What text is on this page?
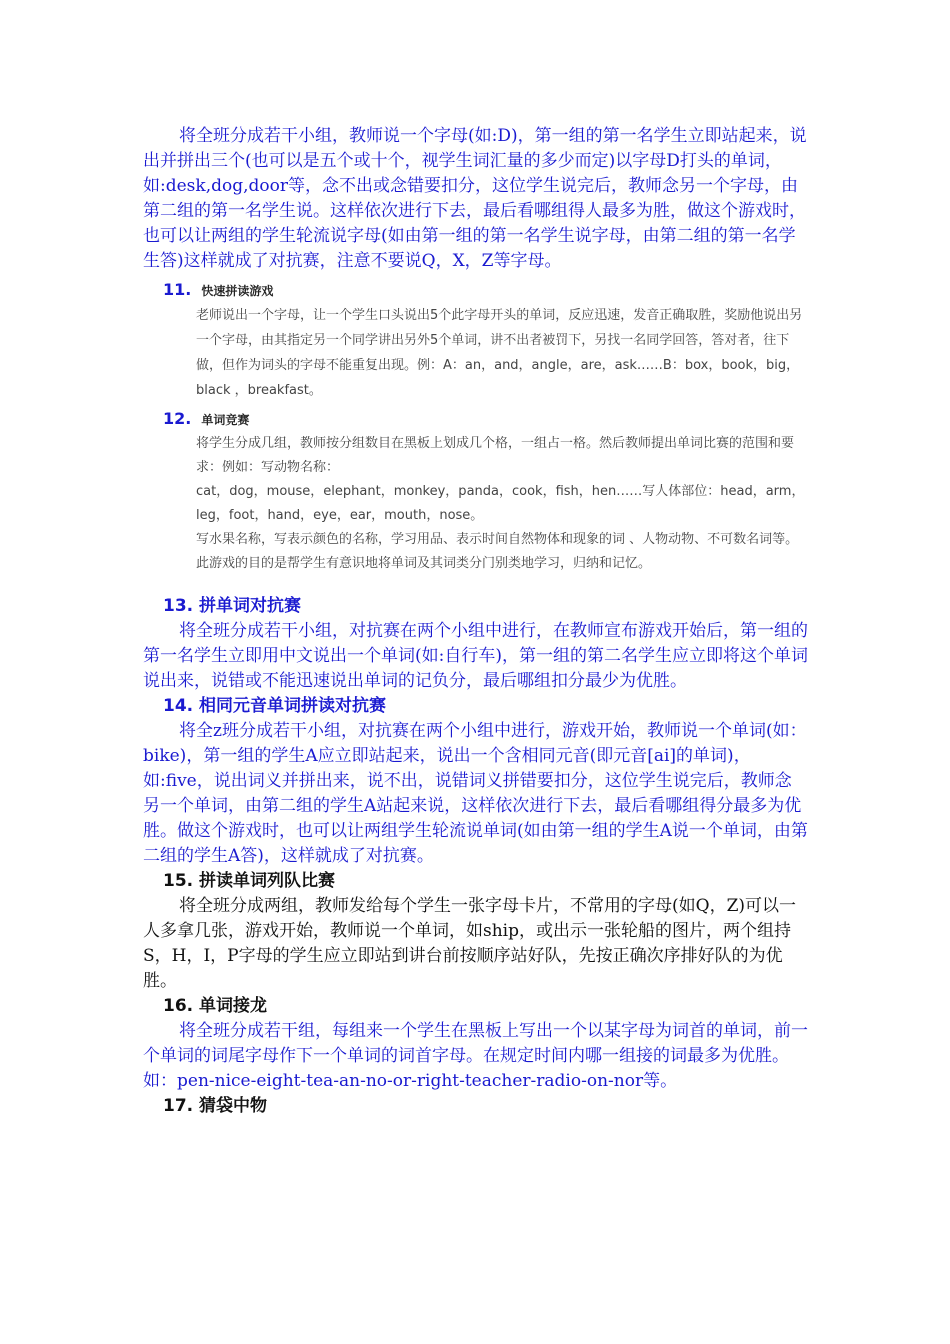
将全班分成若干小组，教师说一个字母(如:D)，第一组的第一名学生立即站起来，说出并拼出三个(也可以是五个或十个，视学生词汇量的多少而定)以字母D打头的单词，如:desk,dog,door等，念不出或念错要扣分，这位学生说完后，教师念另一个字母，由第二组的第一名学生说。这样依次进行下去，最后看哪组得人最多为胜，做这个游戏时，也可以让两组的学生轮流说字母(如由第一组的第一名学生说字母，由第二组的第一名学生答)这样就成了对抗赛，注意不要说Q，X，Z等字母。

11. 快速拼读游戏

老师说出一个字母，让一个学生口头说出5个此字母开头的单词，反应迅速，发音正确取胜，奖励他说出另一个字母，由其指定另一个同学讲出另外5个单词，讲不出者被罚下，另找一名同学回答，答对者，往下做，但作为词头的字母不能重复出现。例：A：an，and，angle，are，ask……B：box，book，big，black ，breakfast。

12. 单词竞赛

将学生分成几组，教师按分组数目在黑板上划成几个格，一组占一格。然后教师提出单词比赛的范围和要求：例如：写动物名称：

cat，dog，mouse，elephant，monkey，panda，cook，fish，hen……写人体部位：head，arm，leg，foot，hand，eye，ear，mouth，nose。

写水果名称，写表示颜色的名称，学习用品、表示时间自然物体和现象的词 、人物动物、不可数名词等。

此游戏的目的是帮学生有意识地将单词及其词类分门别类地学习，归纳和记忆。

13. 拼单词对抗赛

将全班分成若干小组，对抗赛在两个小组中进行，在教师宣布游戏开始后，第一组的第一名学生立即用中文说出一个单词(如:自行车)，第一组的第二名学生应立即将这个单词说出来，说错或不能迅速说出单词的记负分，最后哪组扣分最少为优胜。

14. 相同元音单词拼读对抗赛

将全z班分成若干小组，对抗赛在两个小组中进行，游戏开始，教师说一个单词(如：bike)，第一组的学生A应立即站起来，说出一个含相同元音(即元音[ai]的单词)，如:five，说出词义并拼出来，说不出，说错词义拼错要扣分，这位学生说完后，教师念另一个单词，由第二组的学生A站起来说，这样依次进行下去，最后看哪组得分最多为优胜。做这个游戏时，也可以让两组学生轮流说单词(如由第一组的学生A说一个单词，由第二组的学生A答)，这样就成了对抗赛。

15. 拼读单词列队比赛

将全班分成两组，教师发给每个学生一张字母卡片，不常用的字母(如Q，Z)可以一人多拿几张，游戏开始，教师说一个单词，如ship，或出示一张轮船的图片，两个组持S，H，I，P字母的学生应立即站到讲台前按顺序站好队，先按正确次序排好队的为优胜。

16. 单词接龙

将全班分成若干组，每组来一个学生在黑板上写出一个以某字母为词首的单词，前一个单词的词尾字母作下一个单词的词首字母。在规定时间内哪一组接的词最多为优胜。如：pen-nice-eight-tea-an-no-or-right-teacher-radio-on-nor等。

17. 猜袋中物
